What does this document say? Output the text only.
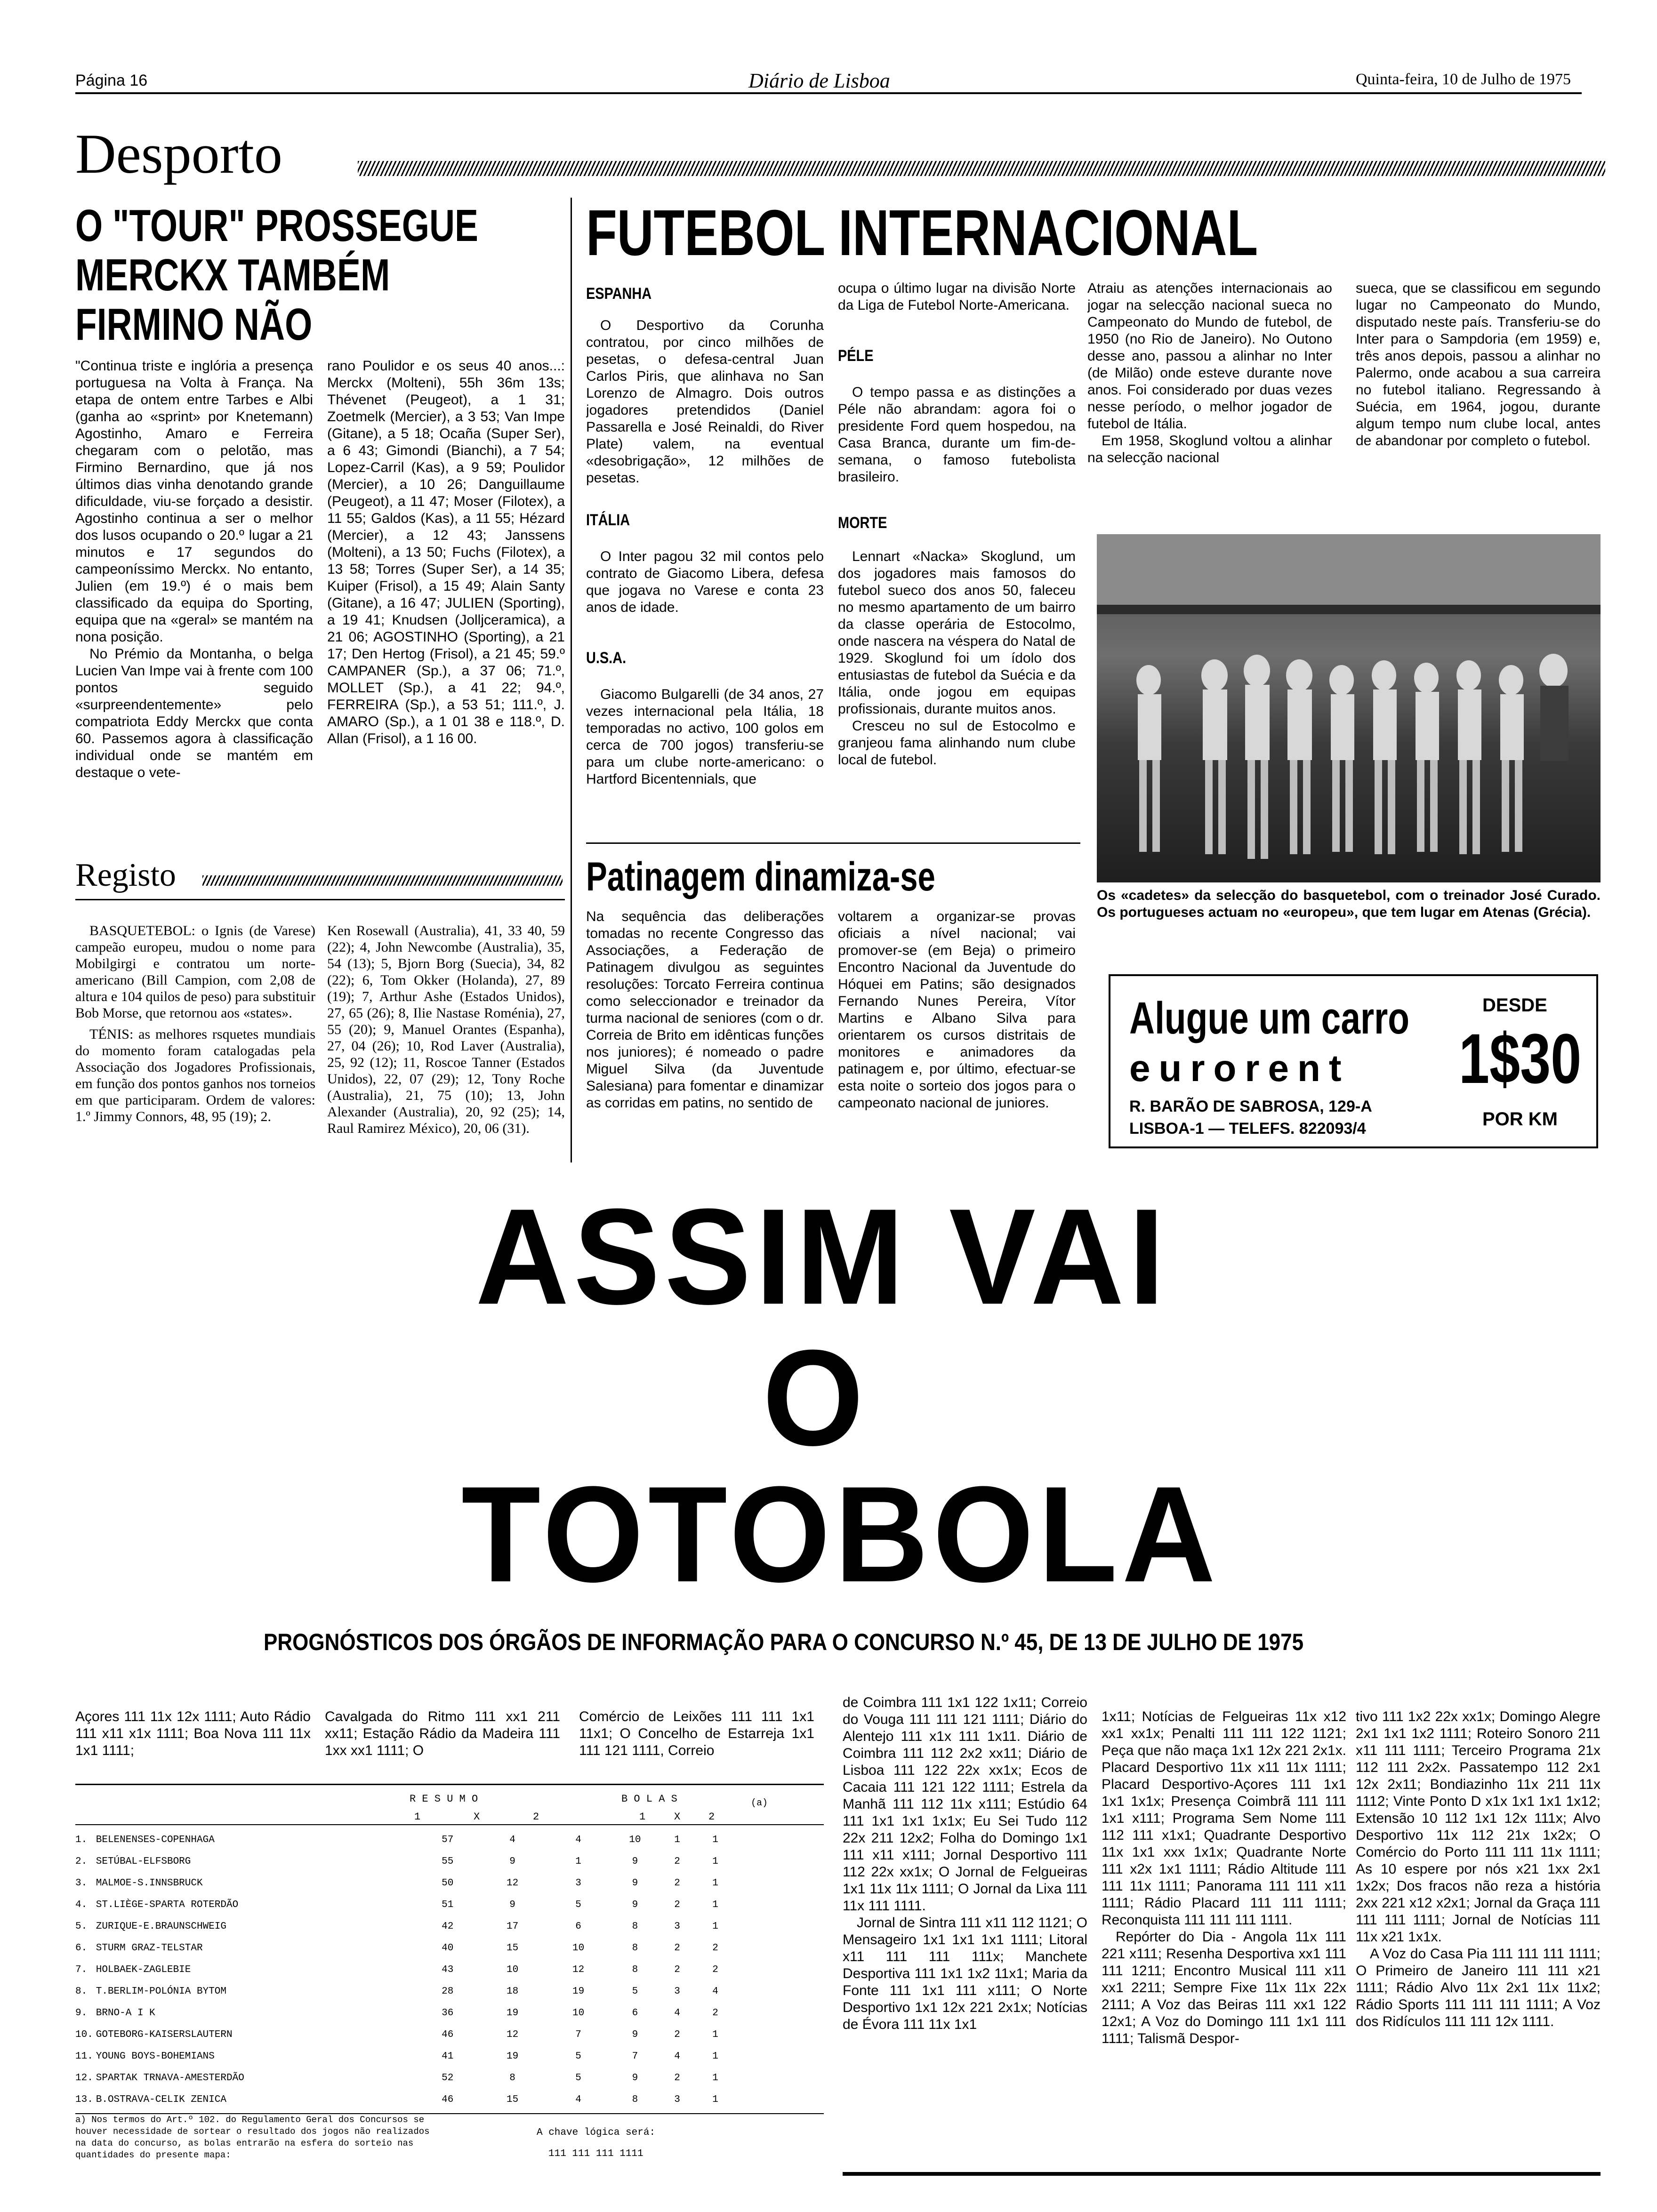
Página 16	Diário de Lisboa	Quinta-feira, 10 de Julho de 1975
Desporto
O "TOUR" PROSSEGUE
MERCKX TAMBÉM
FIRMINO NÃO
"Continua triste e inglória a presença portuguesa na Volta à França. Na etapa de ontem entre Tarbes e Albi (ganha ao «sprint» por Knetemann) Agostinho, Amaro e Ferreira chegaram com o pelotão, mas Firmino Bernardino, que já nos últimos dias vinha denotando grande dificuldade, viu-se forçado a desistir. Agostinho continua a ser o melhor dos lusos ocupando o 20.º lugar a 21 minutos e 17 segundos do campeoníssimo Merckx. No entanto, Julien (em 19.º) é o mais bem classificado da equipa do Sporting, equipa que na «geral» se mantém na nona posição.

No Prémio da Montanha, o belga Lucien Van Impe vai à frente com 100 pontos seguido «surpreendentemente» pelo compatriota Eddy Merckx que conta 60. Passemos agora à classificação individual onde se mantém em destaque o vete-
rano Poulidor e os seus 40 anos...: Merckx (Molteni), 55h 36m 13s; Thévenet (Peugeot), a 1 31; Zoetmelk (Mercier), a 3 53; Van Impe (Gitane), a 5 18; Ocaña (Super Ser), a 6 43; Gimondi (Bianchi), a 7 54; Lopez-Carril (Kas), a 9 59; Poulidor (Mercier), a 10 26; Danguillaume (Peugeot), a 11 47; Moser (Filotex), a 11 55; Galdos (Kas), a 11 55; Hézard (Mercier), a 12 43; Janssens (Molteni), a 13 50; Fuchs (Filotex), a 13 58; Torres (Super Ser), a 14 35; Kuiper (Frisol), a 15 49; Alain Santy (Gitane), a 16 47; JULIEN (Sporting), a 19 41; Knudsen (Jolljceramica), a 21 06; AGOSTINHO (Sporting), a 21 17; Den Hertog (Frisol), a 21 45; 59.º CAMPANER (Sp.), a 37 06; 71.º, MOLLET (Sp.), a 41 22; 94.º, FERREIRA (Sp.), a 53 51; 111.º, J. AMARO (Sp.), a 1 01 38 e 118.º, D. Allan (Frisol), a 1 16 00.
FUTEBOL INTERNACIONAL
ESPANHA
O Desportivo da Corunha contratou, por cinco milhões de pesetas, o defesa-central Juan Carlos Piris, que alinhava no San Lorenzo de Almagro. Dois outros jogadores pretendidos (Daniel Passarella e José Reinaldi, do River Plate) valem, na eventual «desobrigação», 12 milhões de pesetas.
ITÁLIA
O Inter pagou 32 mil contos pelo contrato de Giacomo Libera, defesa que jogava no Varese e conta 23 anos de idade.
U.S.A.
Giacomo Bulgarelli (de 34 anos, 27 vezes internacional pela Itália, 18 temporadas no activo, 100 golos em cerca de 700 jogos) transferiu-se para um clube norte-americano: o Hartford Bicentennials, que
ocupa o último lugar na divisão Norte da Liga de Futebol Norte-Americana.
PÉLE
O tempo passa e as distinções a Péle não abrandam: agora foi o presidente Ford quem hospedou, na Casa Branca, durante um fim-de-semana, o famoso futebolista brasileiro.
MORTE
Lennart «Nacka» Skoglund, um dos jogadores mais famosos do futebol sueco dos anos 50, faleceu no mesmo apartamento de um bairro da classe operária de Estocolmo, onde nascera na véspera do Natal de 1929. Skoglund foi um ídolo dos entusiastas de futebol da Suécia e da Itália, onde jogou em equipas profissionais, durante muitos anos.
Cresceu no sul de Estocolmo e granjeou fama alinhando num clube local de futebol.
Atraiu as atenções internacionais ao jogar na selecção nacional sueca no Campeonato do Mundo de futebol, de 1950 (no Rio de Janeiro). No Outono desse ano, passou a alinhar no Inter (de Milão) onde esteve durante nove anos. Foi considerado por duas vezes nesse período, o melhor jogador de futebol de Itália.
Em 1958, Skoglund voltou a alinhar na selecção nacional
sueca, que se classificou em segundo lugar no Campeonato do Mundo, disputado neste país. Transferiu-se do Inter para o Sampdoria (em 1959) e, três anos depois, passou a alinhar no Palermo, onde acabou a sua carreira no futebol italiano. Regressando à Suécia, em 1964, jogou, durante algum tempo num clube local, antes de abandonar por completo o futebol.
Os «cadetes» da selecção do basquetebol, com o treinador José Curado. Os portugueses actuam no «europeu», que tem lugar em Atenas (Grécia).
Registo
BASQUETEBOL: o Ignis (de Varese) campeão europeu, mudou o nome para Mobilgirgi e contratou um norte-americano (Bill Campion, com 2,08 de altura e 104 quilos de peso) para substituir Bob Morse, que retornou aos «states».
TÉNIS: as melhores rsquetes mundiais do momento foram catalogadas pela Associação dos Jogadores Profissionais, em função dos pontos ganhos nos torneios em que participaram. Ordem de valores: 1.º Jimmy Connors, 48, 95 (19); 2.
Ken Rosewall (Australia), 41, 33 40, 59 (22); 4, John Newcombe (Australia), 35, 54 (13); 5, Bjorn Borg (Suecia), 34, 82 (22); 6, Tom Okker (Holanda), 27, 89 (19); 7, Arthur Ashe (Estados Unidos), 27, 65 (26); 8, Ilie Nastase Roménia), 27, 55 (20); 9, Manuel Orantes (Espanha), 27, 04 (26); 10, Rod Laver (Australia), 25, 92 (12); 11, Roscoe Tanner (Estados Unidos), 22, 07 (29); 12, Tony Roche (Australia), 21, 75 (10); 13, John Alexander (Australia), 20, 92 (25); 14, Raul Ramirez México), 20, 06 (31).
Patinagem dinamiza-se
Na sequência das deliberações tomadas no recente Congresso das Associações, a Federação de Patinagem divulgou as seguintes resoluções: Torcato Ferreira continua como seleccionador e treinador da turma nacional de seniores (com o dr. Correia de Brito em idênticas funções nos juniores); é nomeado o padre Miguel Silva (da Juventude Salesiana) para fomentar e dinamizar as corridas em patins, no sentido de
voltarem a organizar-se provas oficiais a nível nacional; vai promover-se (em Beja) o primeiro Encontro Nacional da Juventude do Hóquei em Patins; são designados Fernando Nunes Pereira, Vítor Martins e Albano Silva para orientarem os cursos distritais de monitores e animadores da patinagem e, por último, efectuar-se esta noite o sorteio dos jogos para o campeonato nacional de juniores.
Alugue um carro
eurorent
R. BARÃO DE SABROSA, 129-A
LISBOA-1 — TELEFS. 822093/4
DESDE
1$30
POR KM
ASSIM VAI
O
TOTOBOLA
PROGNÓSTICOS DOS ÓRGÃOS DE INFORMAÇÃO PARA O CONCURSO N.º 45, DE 13 DE JULHO DE 1975
Açores 111 11x 12x 1111; Auto Rádio 111 x11 x1x 1111; Boa Nova 111 11x 1x1 1111;
Cavalgada do Ritmo 111 xx1 211 xx11; Estação Rádio da Madeira 111 1xx xx1 1111; O
Comércio de Leixões 111 111 1x1 11x1; O Concelho de Estarreja 1x1 111 121 1111, Correio
de Coimbra 111 1x1 122 1x11; Correio do Vouga 111 111 121 1111; Diário do Alentejo 111 x1x 111 1x11. Diário de Coimbra 111 112 2x2 xx11; Diário de Lisboa 111 122 22x xx1x; Ecos de Cacaia 111 121 122 1111; Estrela da Manhã 111 112 11x x111; Estúdio 64 111 1x1 1x1 1x1x; Eu Sei Tudo 112 22x 211 12x2; Folha do Domingo 1x1 111 x11 x111; Jornal Desportivo 111 112 22x xx1x; O Jornal de Felgueiras 1x1 11x 11x 1111; O Jornal da Lixa 111 11x 111 1111.
Jornal de Sintra 111 x11 112 1121; O Mensageiro 1x1 1x1 1x1 1111; Litoral x11 111 111 111x; Manchete Desportiva 111 1x1 1x2 11x1; Maria da Fonte 111 1x1 111 x111; O Norte Desportivo 1x1 12x 221 2x1x; Notícias de Évora 111 11x 1x1
1x11; Notícias de Felgueiras 11x x12 xx1 xx1x; Penalti 111 111 122 1121; Peça que não maça 1x1 12x 221 2x1x. Placard Desportivo 11x x11 11x 1111; Placard Desportivo-Açores 111 1x1 1x1 1x1x; Presença Coimbrã 111 111 1x1 x111; Programa Sem Nome 111 112 111 x1x1; Quadrante Desportivo 11x 1x1 xxx 1x1x; Quadrante Norte 111 x2x 1x1 1111; Rádio Altitude 111 111 11x 1111; Panorama 111 111 x11 1111; Rádio Placard 111 111 1111; Reconquista 111 111 111 1111.
Repórter do Dia - Angola 11x 111 221 x111; Resenha Desportiva xx1 111 111 1211; Encontro Musical 111 x11 xx1 2211; Sempre Fixe 11x 11x 22x 2111; A Voz das Beiras 111 xx1 122 12x1; A Voz do Domingo 111 1x1 111 1111; Talismã Despor-
tivo 111 1x2 22x xx1x; Domingo Alegre 2x1 1x1 1x2 1111; Roteiro Sonoro 211 x11 111 1111; Terceiro Programa 21x 112 111 2x2x. Passatempo 112 2x1 12x 2x11; Bondiazinho 11x 211 11x 1112; Vinte Ponto D x1x 1x1 1x1 1x12; Extensão 10 112 1x1 12x 111x; Alvo Desportivo 11x 112 21x 1x2x; O Comércio do Porto 111 111 11x 1111; As 10 espere por nós x21 1xx 2x1 1x2x; Dos fracos não reza a história 2xx 221 x12 x2x1; Jornal da Graça 111 111 111 1111; Jornal de Notícias 111 11x x21 1x1x.
A Voz do Casa Pia 111 111 111 1111; O Primeiro de Janeiro 111 111 x21 1111; Rádio Alvo 11x 2x1 11x 11x2; Rádio Sports 111 111 111 1111; A Voz dos Ridículos 111 111 12x 1111.
R E S U M O	B O L A S	(a)
1	X	2	1	X	2
1.	BELENENSES-COPENHAGA	57	4	4	10	1	1
2.	SETÚBAL-ELFSBORG	55	9	1	9	2	1
3.	MALMOE-S.INNSBRUCK	50	12	3	9	2	1
4.	ST.LIÈGE-SPARTA ROTERDÃO	51	9	5	9	2	1
5.	ZURIQUE-E.BRAUNSCHWEIG	42	17	6	8	3	1
6.	STURM GRAZ-TELSTAR	40	15	10	8	2	2
7.	HOLBAEK-ZAGLEBIE	43	10	12	8	2	2
8.	T.BERLIM-POLÓNIA BYTOM	28	18	19	5	3	4
9.	BRNO-A I K	36	19	10	6	4	2
10.	GOTEBORG-KAISERSLAUTERN	46	12	7	9	2	1
11.	YOUNG BOYS-BOHEMIANS	41	19	5	7	4	1
12.	SPARTAK TRNAVA-AMESTERDÃO	52	8	5	9	2	1
13.	B.OSTRAVA-CELIK ZENICA	46	15	4	8	3	1
a) Nos termos do Art.º 102. do Regulamento Geral dos Concursos se houver necessidade de sortear o resultado dos jogos não realizados na data do concurso, as bolas entrarão na esfera do sorteio nas quantidades do presente mapa:
A chave lógica será:
111 111 111 1111
